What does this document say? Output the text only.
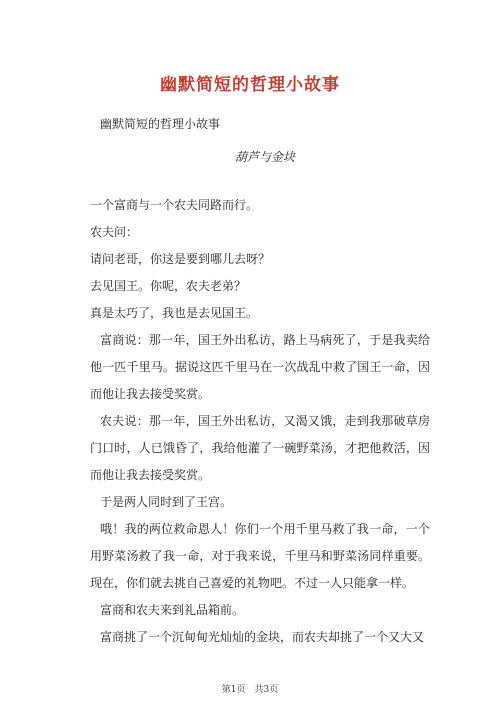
幽默简短的哲理小故事
幽默简短的哲理小故事
葫芦与金块

一个富商与一个农夫同路而行。

农夫问：

请问老哥，你这是要到哪儿去呀？

去见国王。你呢，农夫老弟？

真是太巧了，我也是去见国王。

富商说：那一年，国王外出私访，路上马病死了，于是我卖给他一匹千里马。据说这匹千里马在一次战乱中救了国王一命，因而他让我去接受奖赏。

农夫说：那一年，国王外出私访，又渴又饿，走到我那破草房门口时，人已饿昏了，我给他灌了一碗野菜汤，才把他救活，因而他让我去接受奖赏。

于是两人同时到了王宫。

哦！我的两位救命恩人！你们一个用千里马救了我一命，一个用野菜汤救了我一命，对于我来说，千里马和野菜汤同样重要。现在，你们就去挑自己喜爱的礼物吧。不过一人只能拿一样。

富商和农夫来到礼品箱前。

富商挑了一个沉甸甸光灿灿的金块，而农夫却挑了一个又大又

第1页　共3页
